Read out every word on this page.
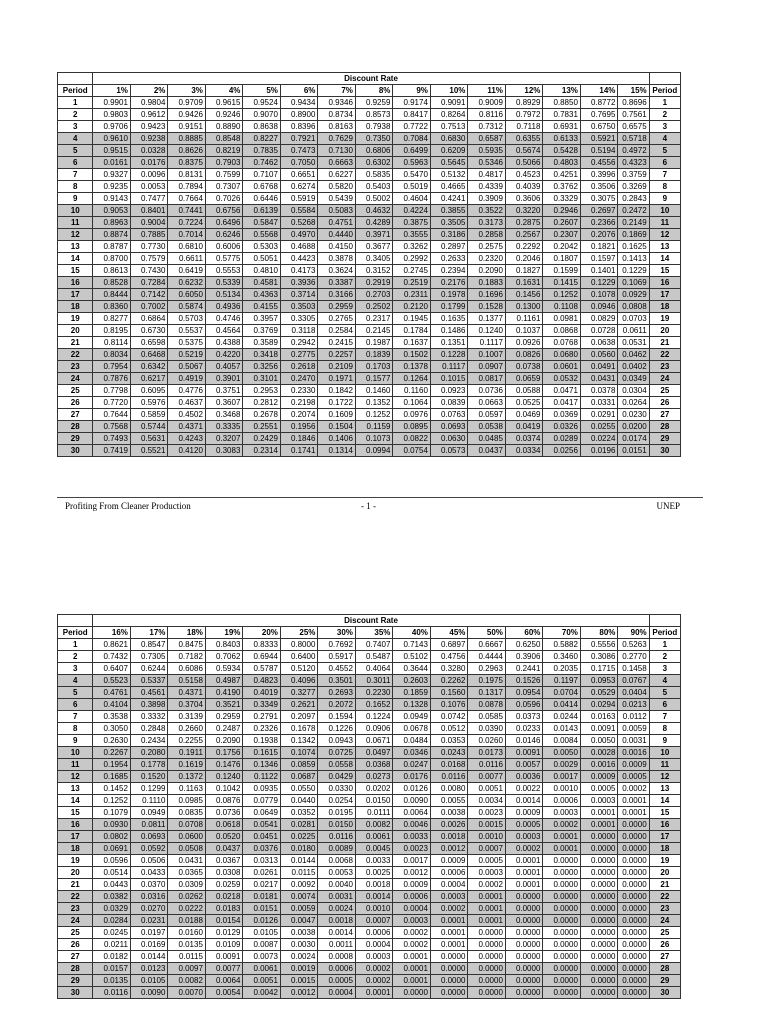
	Discount Rate															
Period	1%	2%	3%	4%	5%	6%	7%	8%	9%	10%	11%	12%	13%	14%	15%	Period
1	0.9901	0.9804	0.9709	0.9615	0.9524	0.9434	0.9346	0.9259	0.9174	0.9091	0.9009	0.8929	0.8850	0.8772	0.8696	1
2	0.9803	0.9612	0.9426	0.9246	0.9070	0.8900	0.8734	0.8573	0.8417	0.8264	0.8116	0.7972	0.7831	0.7695	0.7561	2
3	0.9706	0.9423	0.9151	0.8890	0.8638	0.8396	0.8163	0.7938	0.7722	0.7513	0.7312	0.7118	0.6931	0.6750	0.6575	3
4	0.9610	0.9238	0.8885	0.8548	0.8227	0.7921	0.7629	0.7350	0.7084	0.6830	0.6587	0.6355	0.6133	0.5921	0.5718	4
5	0.9515	0.0328	0.8626	0.8219	0.7835	0.7473	0.7130	0.6806	0.6499	0.6209	0.5935	0.5674	0.5428	0.5194	0.4972	5
6	0.0161	0.0176	0.8375	0.7903	0.7462	0.7050	0.6663	0.6302	0.5963	0.5645	0.5346	0.5066	0.4803	0.4556	0.4323	6
7	0.9327	0.0096	0.8131	0.7599	0.7107	0.6651	0.6227	0.5835	0.5470	0.5132	0.4817	0.4523	0.4251	0.3996	0.3759	7
8	0.9235	0.0053	0.7894	0.7307	0.6768	0.6274	0.5820	0.5403	0.5019	0.4665	0.4339	0.4039	0.3762	0.3506	0.3269	8
9	0.9143	0.7477	0.7664	0.7026	0.6446	0.5919	0.5439	0.5002	0.4604	0.4241	0.3909	0.3606	0.3329	0.3075	0.2843	9
10	0.9053	0.8401	0.7441	0.6756	0.6139	0.5584	0.5083	0.4632	0.4224	0.3855	0.3522	0.3220	0.2946	0.2697	0.2472	10
11	0.8963	0.9004	0.7224	0.6496	0.5847	0.5268	0.4751	0.4289	0.3875	0.3505	0.3173	0.2875	0.2607	0.2366	0.2149	11
12	0.8874	0.7885	0.7014	0.6246	0.5568	0.4970	0.4440	0.3971	0.3555	0.3186	0.2858	0.2567	0.2307	0.2076	0.1869	12
13	0.8787	0.7730	0.6810	0.6006	0.5303	0.4688	0.4150	0.3677	0.3262	0.2897	0.2575	0.2292	0.2042	0.1821	0.1625	13
14	0.8700	0.7579	0.6611	0.5775	0.5051	0.4423	0.3878	0.3405	0.2992	0.2633	0.2320	0.2046	0.1807	0.1597	0.1413	14
15	0.8613	0.7430	0.6419	0.5553	0.4810	0.4173	0.3624	0.3152	0.2745	0.2394	0.2090	0.1827	0.1599	0.1401	0.1229	15
16	0.8528	0.7284	0.6232	0.5339	0.4581	0.3936	0.3387	0.2919	0.2519	0.2176	0.1883	0.1631	0.1415	0.1229	0.1069	16
17	0.8444	0.7142	0.6050	0.5134	0.4363	0.3714	0.3166	0.2703	0.2311	0.1978	0.1696	0.1456	0.1252	0.1078	0.0929	17
18	0.8360	0.7002	0.5874	0.4936	0.4155	0.3503	0.2959	0.2502	0.2120	0.1799	0.1528	0.1300	0.1108	0.0946	0.0808	18
19	0.8277	0.6864	0.5703	0.4746	0.3957	0.3305	0.2765	0.2317	0.1945	0.1635	0.1377	0.1161	0.0981	0.0829	0.0703	19
20	0.8195	0.6730	0.5537	0.4564	0.3769	0.3118	0.2584	0.2145	0.1784	0.1486	0.1240	0.1037	0.0868	0.0728	0.0611	20
21	0.8114	0.6598	0.5375	0.4388	0.3589	0.2942	0.2415	0.1987	0.1637	0.1351	0.1117	0.0926	0.0768	0.0638	0.0531	21
22	0.8034	0.6468	0.5219	0.4220	0.3418	0.2775	0.2257	0.1839	0.1502	0.1228	0.1007	0.0826	0.0680	0.0560	0.0462	22
23	0.7954	0.6342	0.5067	0.4057	0.3256	0.2618	0.2109	0.1703	0.1378	0.1117	0.0907	0.0738	0.0601	0.0491	0.0402	23
24	0.7876	0.6217	0.4919	0.3901	0.3101	0.2470	0.1971	0.1577	0.1264	0.1015	0.0817	0.0659	0.0532	0.0431	0.0349	24
25	0.7798	0.6095	0.4776	0.3751	0.2953	0.2330	0.1842	0.1460	0.1160	0.0923	0.0736	0.0588	0.0471	0.0378	0.0304	25
26	0.7720	0.5976	0.4637	0.3607	0.2812	0.2198	0.1722	0.1352	0.1064	0.0839	0.0663	0.0525	0.0417	0.0331	0.0264	26
27	0.7644	0.5859	0.4502	0.3468	0.2678	0.2074	0.1609	0.1252	0.0976	0.0763	0.0597	0.0469	0.0369	0.0291	0.0230	27
28	0.7568	0.5744	0.4371	0.3335	0.2551	0.1956	0.1504	0.1159	0.0895	0.0693	0.0538	0.0419	0.0326	0.0255	0.0200	28
29	0.7493	0.5631	0.4243	0.3207	0.2429	0.1846	0.1406	0.1073	0.0822	0.0630	0.0485	0.0374	0.0289	0.0224	0.0174	29
30	0.7419	0.5521	0.4120	0.3083	0.2314	0.1741	0.1314	0.0994	0.0754	0.0573	0.0437	0.0334	0.0256	0.0196	0.0151	30
Profiting From Cleaner Production	- 1 -	UNEP
	Discount Rate															
Period	16%	17%	18%	19%	20%	25%	30%	35%	40%	45%	50%	60%	70%	80%	90%	Period
1	0.8621	0.8547	0.8475	0.8403	0.8333	0.8000	0.7692	0.7407	0.7143	0.6897	0.6667	0.6250	0.5882	0.5556	0.5263	1
2	0.7432	0.7305	0.7182	0.7062	0.6944	0.6400	0.5917	0.5487	0.5102	0.4756	0.4444	0.3906	0.3460	0.3086	0.2770	2
3	0.6407	0.6244	0.6086	0.5934	0.5787	0.5120	0.4552	0.4064	0.3644	0.3280	0.2963	0.2441	0.2035	0.1715	0.1458	3
4	0.5523	0.5337	0.5158	0.4987	0.4823	0.4096	0.3501	0.3011	0.2603	0.2262	0.1975	0.1526	0.1197	0.0953	0.0767	4
5	0.4761	0.4561	0.4371	0.4190	0.4019	0.3277	0.2693	0.2230	0.1859	0.1560	0.1317	0.0954	0.0704	0.0529	0.0404	5
6	0.4104	0.3898	0.3704	0.3521	0.3349	0.2621	0.2072	0.1652	0.1328	0.1076	0.0878	0.0596	0.0414	0.0294	0.0213	6
7	0.3538	0.3332	0.3139	0.2959	0.2791	0.2097	0.1594	0.1224	0.0949	0.0742	0.0585	0.0373	0.0244	0.0163	0.0112	7
8	0.3050	0.2848	0.2660	0.2487	0.2326	0.1678	0.1226	0.0906	0.0678	0.0512	0.0390	0.0233	0.0143	0.0091	0.0059	8
9	0.2630	0.2434	0.2255	0.2090	0.1938	0.1342	0.0943	0.0671	0.0484	0.0353	0.0260	0.0146	0.0084	0.0050	0.0031	9
10	0.2267	0.2080	0.1911	0.1756	0.1615	0.1074	0.0725	0.0497	0.0346	0.0243	0.0173	0.0091	0.0050	0.0028	0.0016	10
11	0.1954	0.1778	0.1619	0.1476	0.1346	0.0859	0.0558	0.0368	0.0247	0.0168	0.0116	0.0057	0.0029	0.0016	0.0009	11
12	0.1685	0.1520	0.1372	0.1240	0.1122	0.0687	0.0429	0.0273	0.0176	0.0116	0.0077	0.0036	0.0017	0.0009	0.0005	12
13	0.1452	0.1299	0.1163	0.1042	0.0935	0.0550	0.0330	0.0202	0.0126	0.0080	0.0051	0.0022	0.0010	0.0005	0.0002	13
14	0.1252	0.1110	0.0985	0.0876	0.0779	0.0440	0.0254	0.0150	0.0090	0.0055	0.0034	0.0014	0.0006	0.0003	0.0001	14
15	0.1079	0.0949	0.0835	0.0736	0.0649	0.0352	0.0195	0.0111	0.0064	0.0038	0.0023	0.0009	0.0003	0.0001	0.0001	15
16	0.0930	0.0811	0.0708	0.0618	0.0541	0.0281	0.0150	0.0082	0.0046	0.0026	0.0015	0.0005	0.0002	0.0001	0.0000	16
17	0.0802	0.0693	0.0600	0.0520	0.0451	0.0225	0.0116	0.0061	0.0033	0.0018	0.0010	0.0003	0.0001	0.0000	0.0000	17
18	0.0691	0.0592	0.0508	0.0437	0.0376	0.0180	0.0089	0.0045	0.0023	0.0012	0.0007	0.0002	0.0001	0.0000	0.0000	18
19	0.0596	0.0506	0.0431	0.0367	0.0313	0.0144	0.0068	0.0033	0.0017	0.0009	0.0005	0.0001	0.0000	0.0000	0.0000	19
20	0.0514	0.0433	0.0365	0.0308	0.0261	0.0115	0.0053	0.0025	0.0012	0.0006	0.0003	0.0001	0.0000	0.0000	0.0000	20
21	0.0443	0.0370	0.0309	0.0259	0.0217	0.0092	0.0040	0.0018	0.0009	0.0004	0.0002	0.0001	0.0000	0.0000	0.0000	21
22	0.0382	0.0316	0.0262	0.0218	0.0181	0.0074	0.0031	0.0014	0.0006	0.0003	0.0001	0.0000	0.0000	0.0000	0.0000	22
23	0.0329	0.0270	0.0222	0.0183	0.0151	0.0059	0.0024	0.0010	0.0004	0.0002	0.0001	0.0000	0.0000	0.0000	0.0000	23
24	0.0284	0.0231	0.0188	0.0154	0.0126	0.0047	0.0018	0.0007	0.0003	0.0001	0.0001	0.0000	0.0000	0.0000	0.0000	24
25	0.0245	0.0197	0.0160	0.0129	0.0105	0.0038	0.0014	0.0006	0.0002	0.0001	0.0000	0.0000	0.0000	0.0000	0.0000	25
26	0.0211	0.0169	0.0135	0.0109	0.0087	0.0030	0.0011	0.0004	0.0002	0.0001	0.0000	0.0000	0.0000	0.0000	0.0000	26
27	0.0182	0.0144	0.0115	0.0091	0.0073	0.0024	0.0008	0.0003	0.0001	0.0000	0.0000	0.0000	0.0000	0.0000	0.0000	27
28	0.0157	0.0123	0.0097	0.0077	0.0061	0.0019	0.0006	0.0002	0.0001	0.0000	0.0000	0.0000	0.0000	0.0000	0.0000	28
29	0.0135	0.0105	0.0082	0.0064	0.0051	0.0015	0.0005	0.0002	0.0001	0.0000	0.0000	0.0000	0.0000	0.0000	0.0000	29
30	0.0116	0.0090	0.0070	0.0054	0.0042	0.0012	0.0004	0.0001	0.0000	0.0000	0.0000	0.0000	0.0000	0.0000	0.0000	30
